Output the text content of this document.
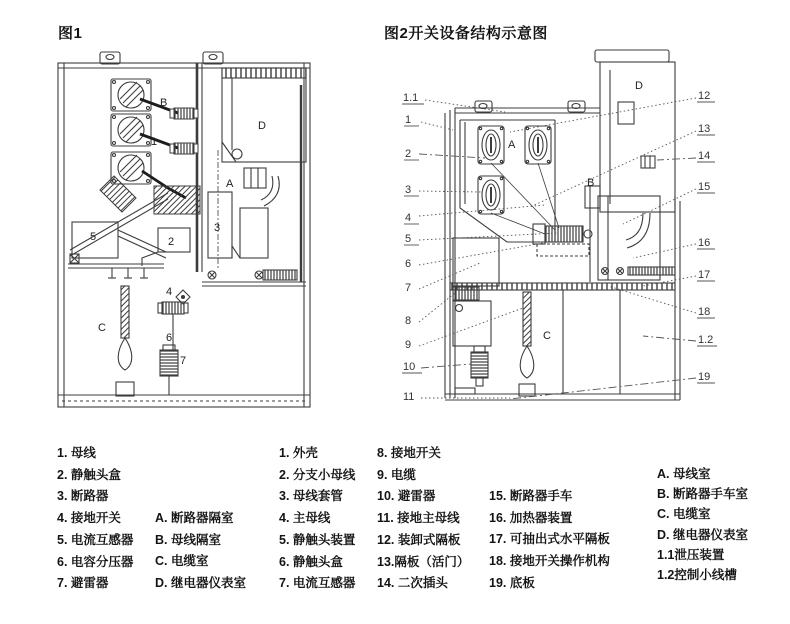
图1	图2开关设备结构示意图
B
1
D
A
3
2
5
4
C
6
7
A
B
C
D
1.1
1
2
3
4
5
6
7
8
9
10
11
12
13
14
15
16
17
18
1.2
19
1. 母线
2. 静触头盒
3. 断路器
4. 接地开关
5. 电流互感器
6. 电容分压器
7. 避雷器
A. 断路器隔室
B. 母线隔室
C. 电缆室
D. 继电器仪表室
1. 外壳
2. 分支小母线
3. 母线套管
4. 主母线
5. 静触头装置
6. 静触头盒
7. 电流互感器
8. 接地开关
9. 电缆
10. 避雷器
11. 接地主母线
12. 装卸式隔板
13.隔板（活门）
14. 二次插头
15. 断路器手车
16. 加热器装置
17. 可抽出式水平隔板
18. 接地开关操作机构
19. 底板
A. 母线室
B. 断路器手车室
C. 电缆室
D. 继电器仪表室
1.1泄压装置
1.2控制小线槽
